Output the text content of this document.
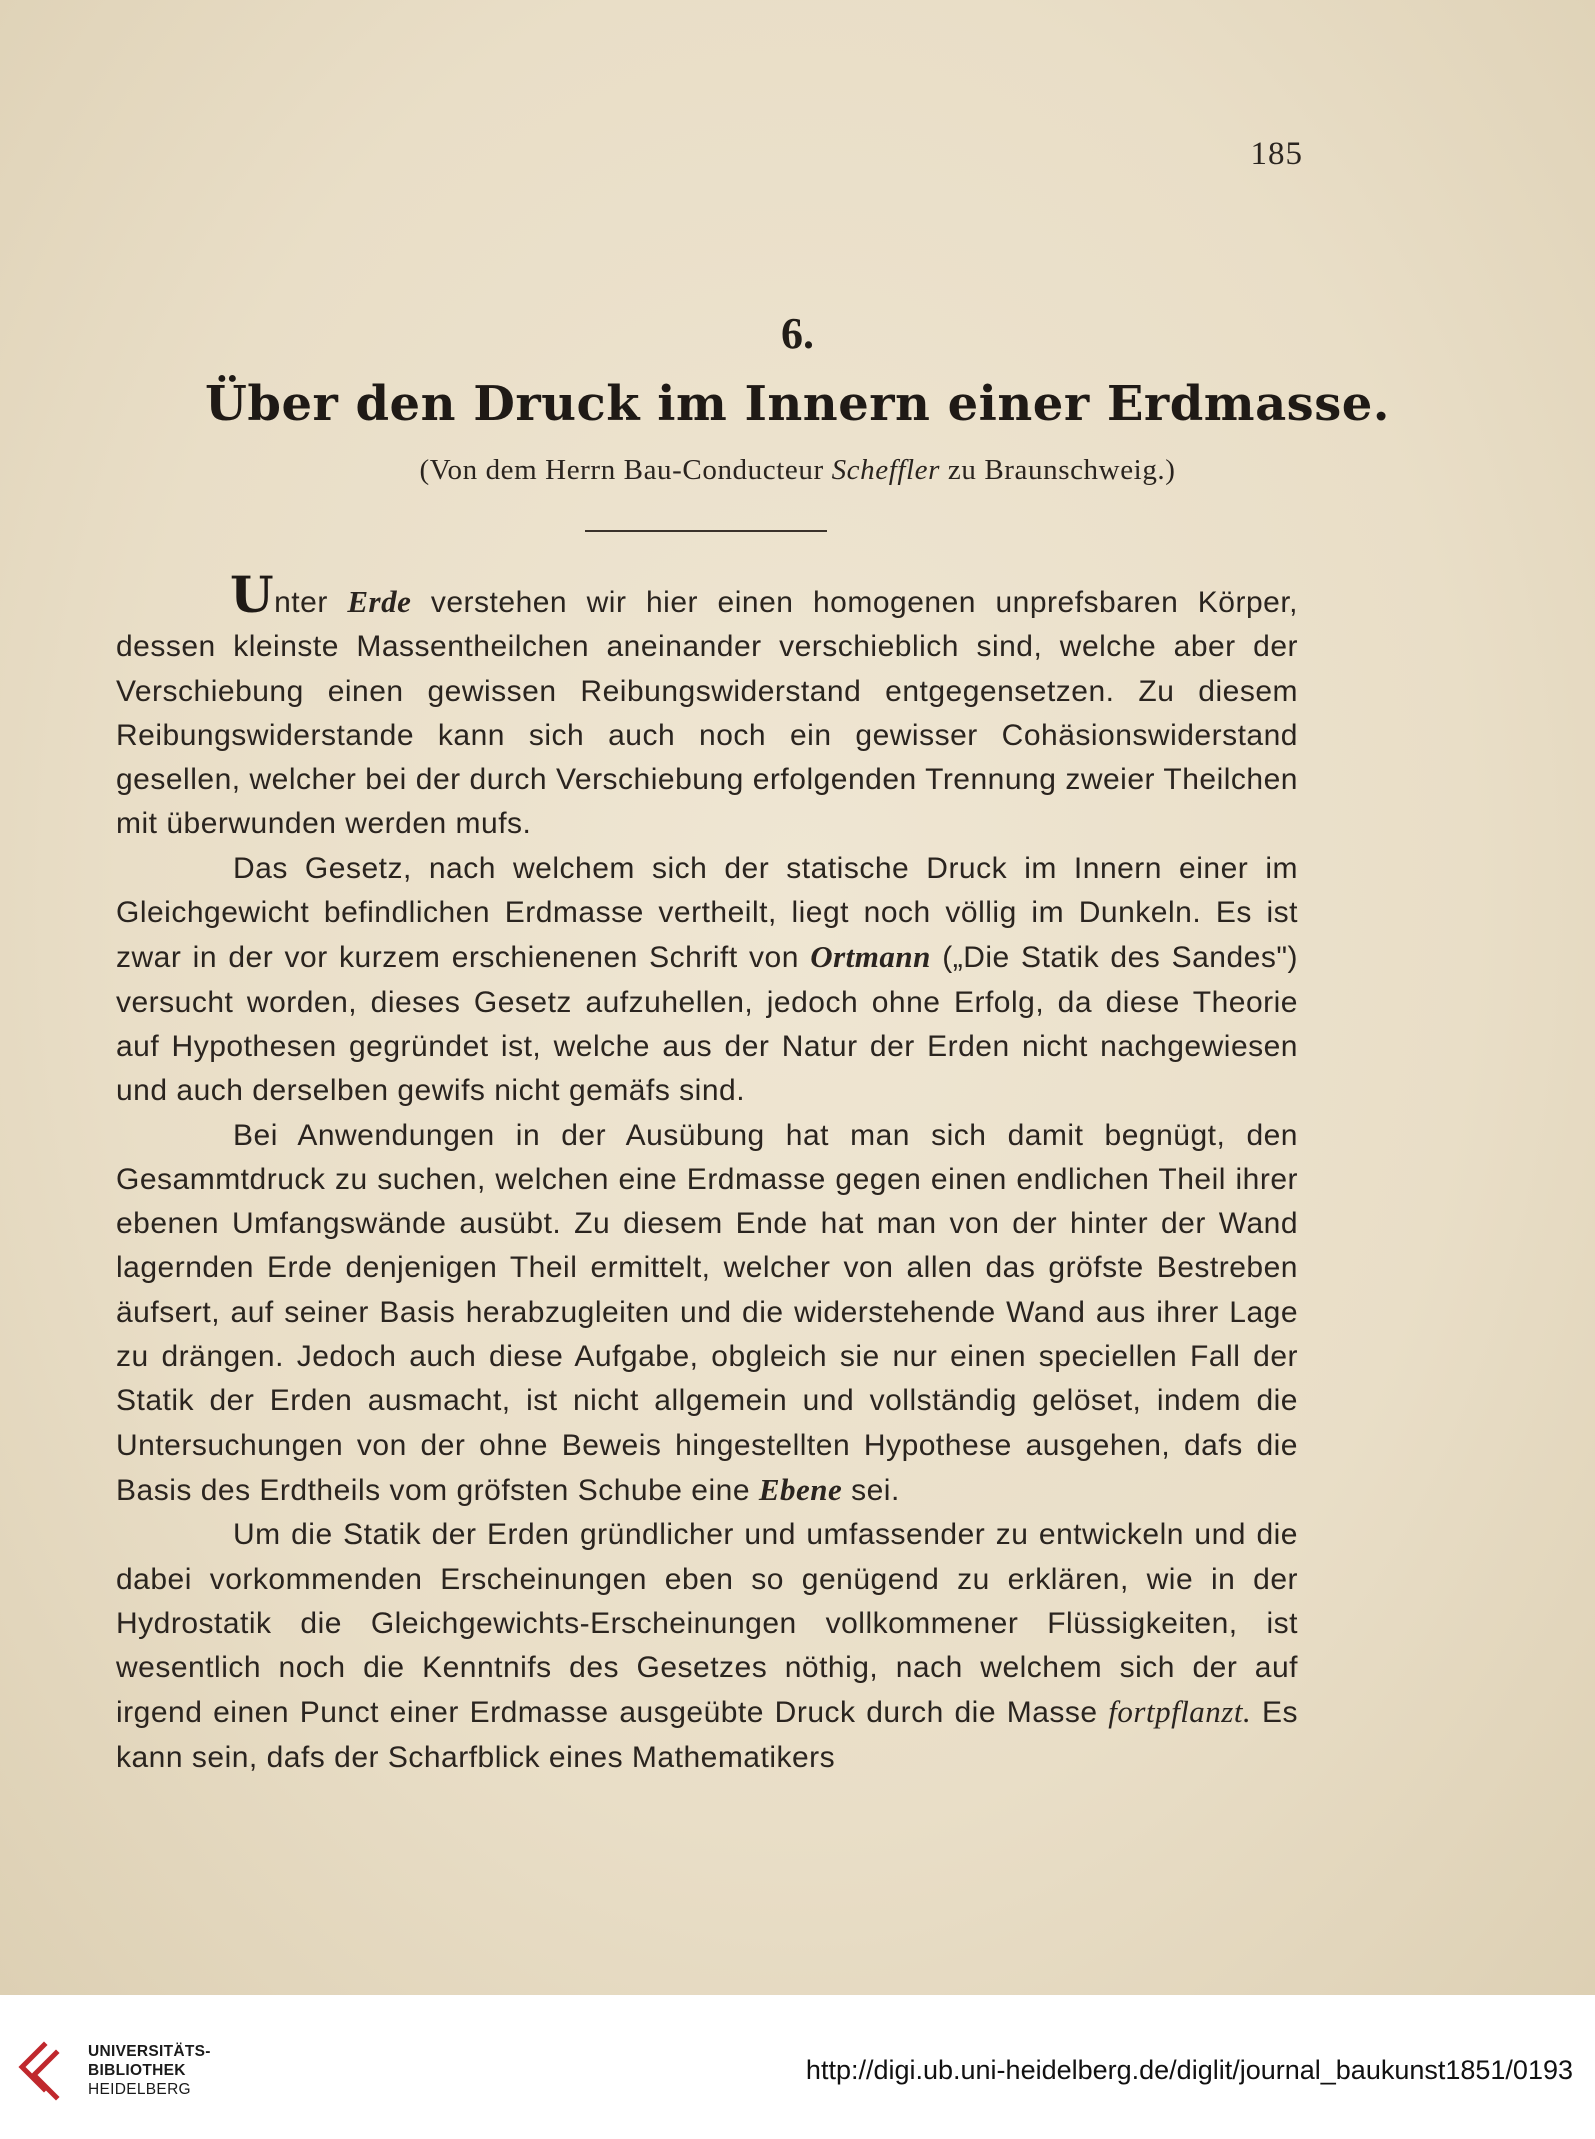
185
6.
Über den Druck im Innern einer Erdmasse.
(Von dem Herrn Bau-Conducteur Scheffler zu Braunschweig.)

Unter Erde verstehen wir hier einen homogenen unprefsbaren Körper, dessen kleinste Massentheilchen aneinander verschieblich sind, welche aber der Verschiebung einen gewissen Reibungswiderstand entgegensetzen. Zu diesem Reibungswiderstande kann sich auch noch ein gewisser Cohäsionswiderstand gesellen, welcher bei der durch Verschiebung erfolgenden Trennung zweier Theilchen mit überwunden werden mufs.

Das Gesetz, nach welchem sich der statische Druck im Innern einer im Gleichgewicht befindlichen Erdmasse vertheilt, liegt noch völlig im Dunkeln. Es ist zwar in der vor kurzem erschienenen Schrift von Ortmann („Die Statik des Sandes") versucht worden, dieses Gesetz aufzuhellen, jedoch ohne Erfolg, da diese Theorie auf Hypothesen gegründet ist, welche aus der Natur der Erden nicht nachgewiesen und auch derselben gewifs nicht gemäfs sind.

Bei Anwendungen in der Ausübung hat man sich damit begnügt, den Gesammtdruck zu suchen, welchen eine Erdmasse gegen einen endlichen Theil ihrer ebenen Umfangswände ausübt. Zu diesem Ende hat man von der hinter der Wand lagernden Erde denjenigen Theil ermittelt, welcher von allen das gröfste Bestreben äufsert, auf seiner Basis herabzugleiten und die widerstehende Wand aus ihrer Lage zu drängen. Jedoch auch diese Aufgabe, obgleich sie nur einen speciellen Fall der Statik der Erden ausmacht, ist nicht allgemein und vollständig gelöset, indem die Untersuchungen von der ohne Beweis hingestellten Hypothese ausgehen, dafs die Basis des Erdtheils vom gröfsten Schube eine Ebene sei.

Um die Statik der Erden gründlicher und umfassender zu entwickeln und die dabei vorkommenden Erscheinungen eben so genügend zu erklären, wie in der Hydrostatik die Gleichgewichts-Erscheinungen vollkommener Flüssigkeiten, ist wesentlich noch die Kenntnifs des Gesetzes nöthig, nach welchem sich der auf irgend einen Punct einer Erdmasse ausgeübte Druck durch die Masse fortpflanzt. Es kann sein, dafs der Scharfblick eines Mathematikers

UNIVERSITÄTS-
BIBLIOTHEK
HEIDELBERG
http://digi.ub.uni-heidelberg.de/diglit/journal_baukunst1851/0193
